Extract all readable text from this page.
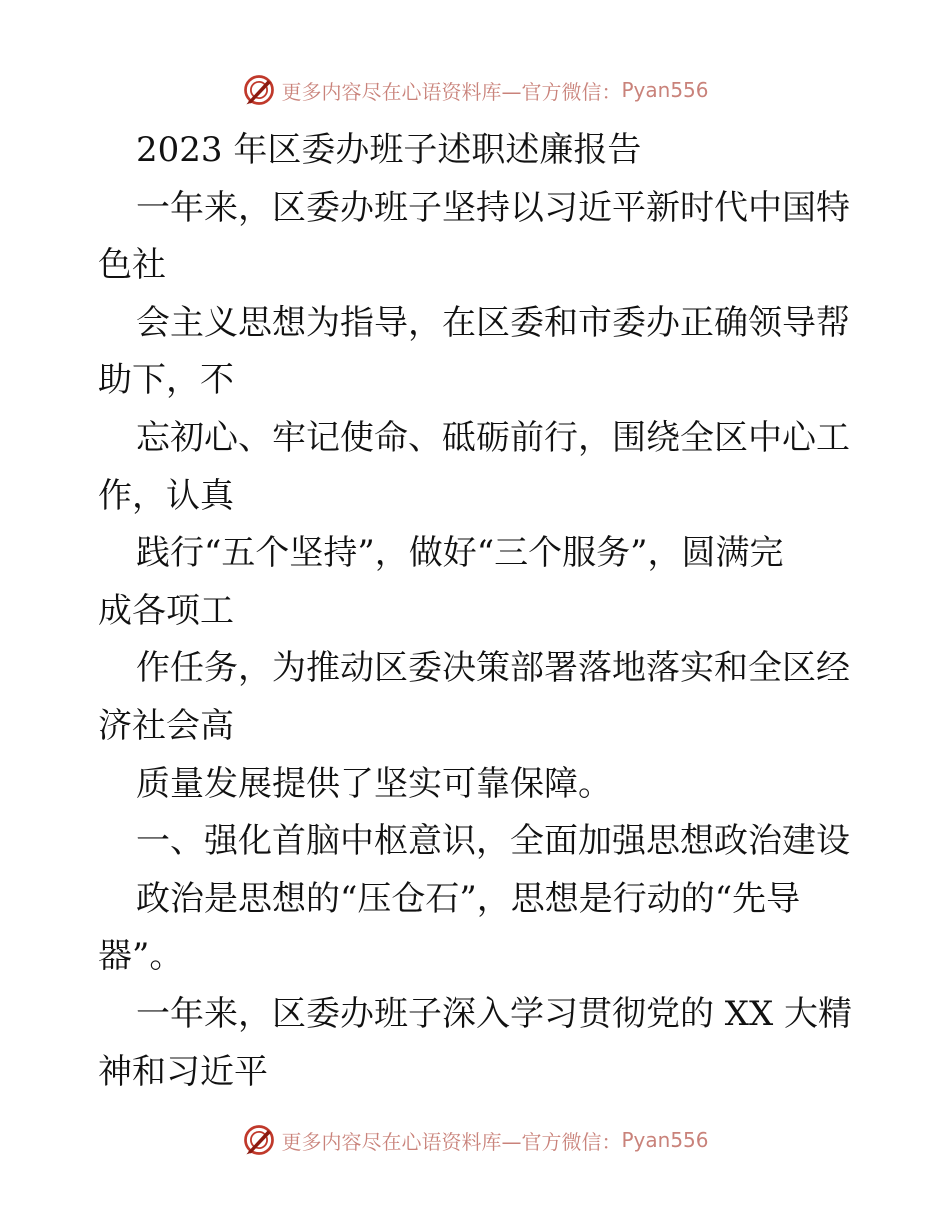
更多内容尽在心语资料库—官方微信： Pyan556
2023 年区委办班子述职述廉报告
一年来，区委办班子坚持以习近平新时代中国特
色社
会主义思想为指导，在区委和市委办正确领导帮
助下，不
忘初心、牢记使命、砥砺前行，围绕全区中心工
作，认真
践行“五个坚持”，做好“三个服务”，圆满完
成各项工
作任务，为推动区委决策部署落地落实和全区经
济社会高
质量发展提供了坚实可靠保障。
一、强化首脑中枢意识，全面加强思想政治建设
政治是思想的“压仓石”，思想是行动的“先导
器”。
一年来，区委办班子深入学习贯彻党的 XX 大精
神和习近平
更多内容尽在心语资料库—官方微信： Pyan556
